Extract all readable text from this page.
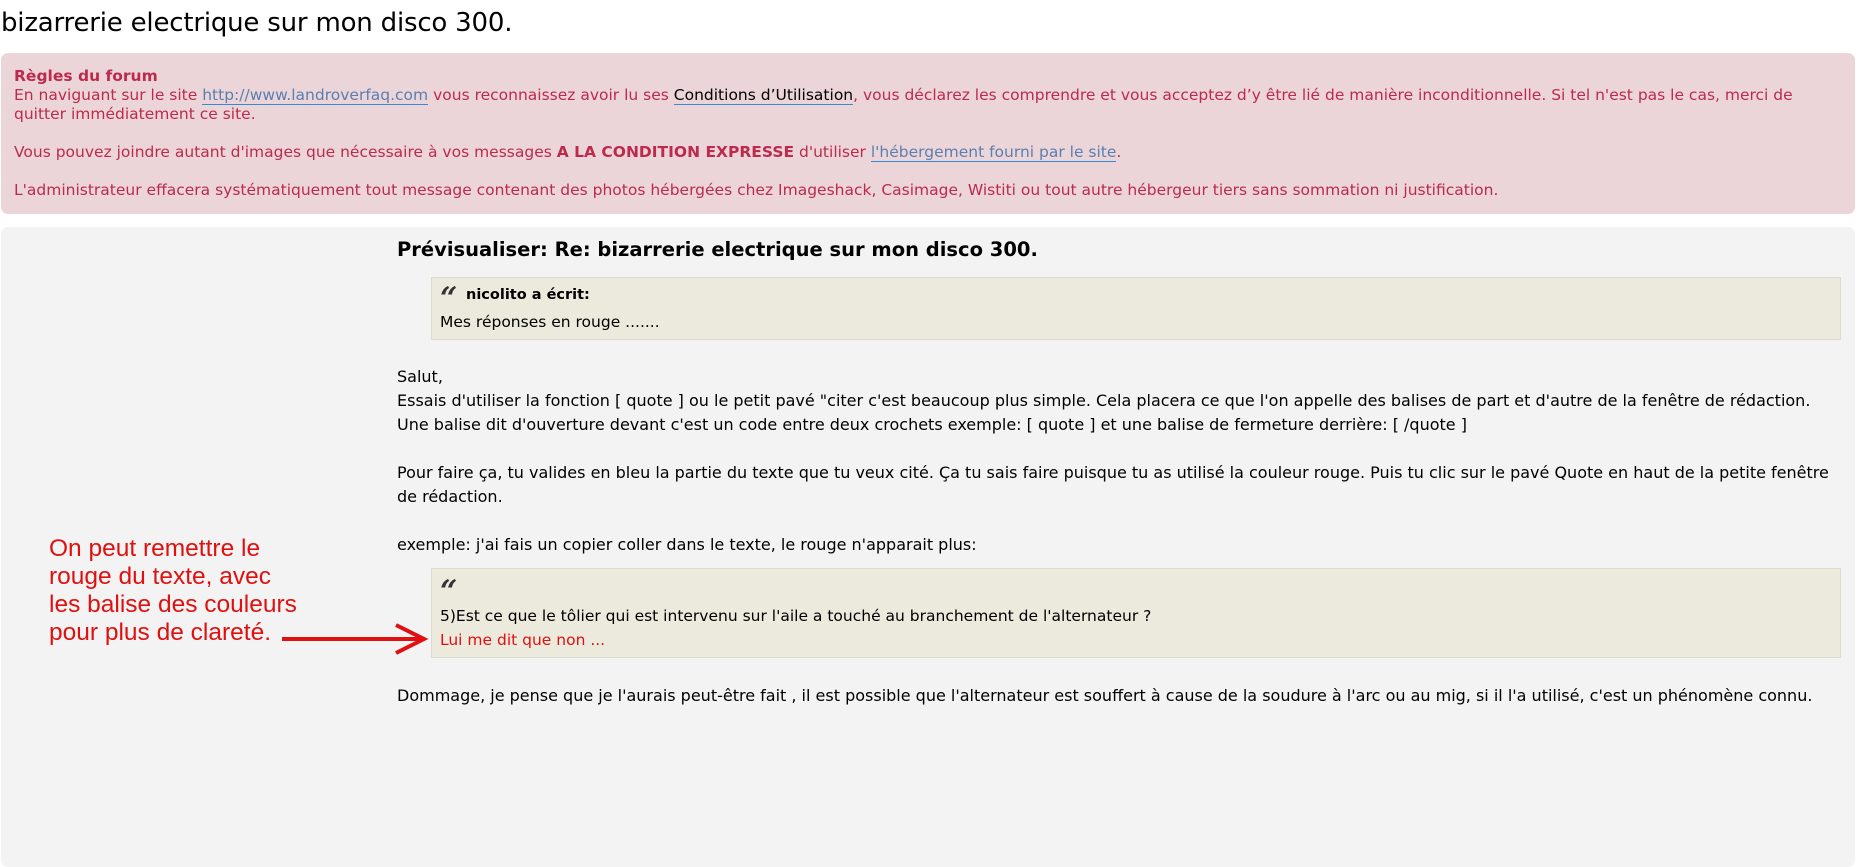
bizarrerie electrique sur mon disco 300.
Règles du forum

En naviguant sur le site http://www.landroverfaq.com vous reconnaissez avoir lu ses Conditions d’Utilisation, vous déclarez les comprendre et vous acceptez d’y être lié de manière inconditionnelle. Si tel n'est pas le cas, merci de quitter immédiatement ce site.

Vous pouvez joindre autant d'images que nécessaire à vos messages A LA CONDITION EXPRESSE d'utiliser l'hébergement fourni par le site.

L'administrateur effacera systématiquement tout message contenant des photos hébergées chez Imageshack, Casimage, Wistiti ou tout autre hébergeur tiers sans sommation ni justification.

Prévisualiser: Re: bizarrerie electrique sur mon disco 300.
“ nicolito a écrit:
Mes réponses en rouge .......

Salut,

Essais d'utiliser la fonction [ quote ] ou le petit pavé "citer c'est beaucoup plus simple. Cela placera ce que l'on appelle des balises de part et d'autre de la fenêtre de rédaction.

Une balise dit d'ouverture devant c'est un code entre deux crochets exemple: [ quote ] et une balise de fermeture derrière: [ /quote ]

Pour faire ça, tu valides en bleu la partie du texte que tu veux cité. Ça tu sais faire puisque tu as utilisé la couleur rouge. Puis tu clic sur le pavé Quote en haut de la petite fenêtre de rédaction.

exemple: j'ai fais un copier coller dans le texte, le rouge n'apparait plus:

“
5)Est ce que le tôlier qui est intervenu sur l'aile a touché au branchement de l'alternateur ?
Lui me dit que non ...

Dommage, je pense que je l'aurais peut-être fait , il est possible que l'alternateur est souffert à cause de la soudure à l'arc ou au mig, si il l'a utilisé, c'est un phénomène connu.

On peut remettre le
rouge du texte, avec
les balise des couleurs
pour plus de clareté.
